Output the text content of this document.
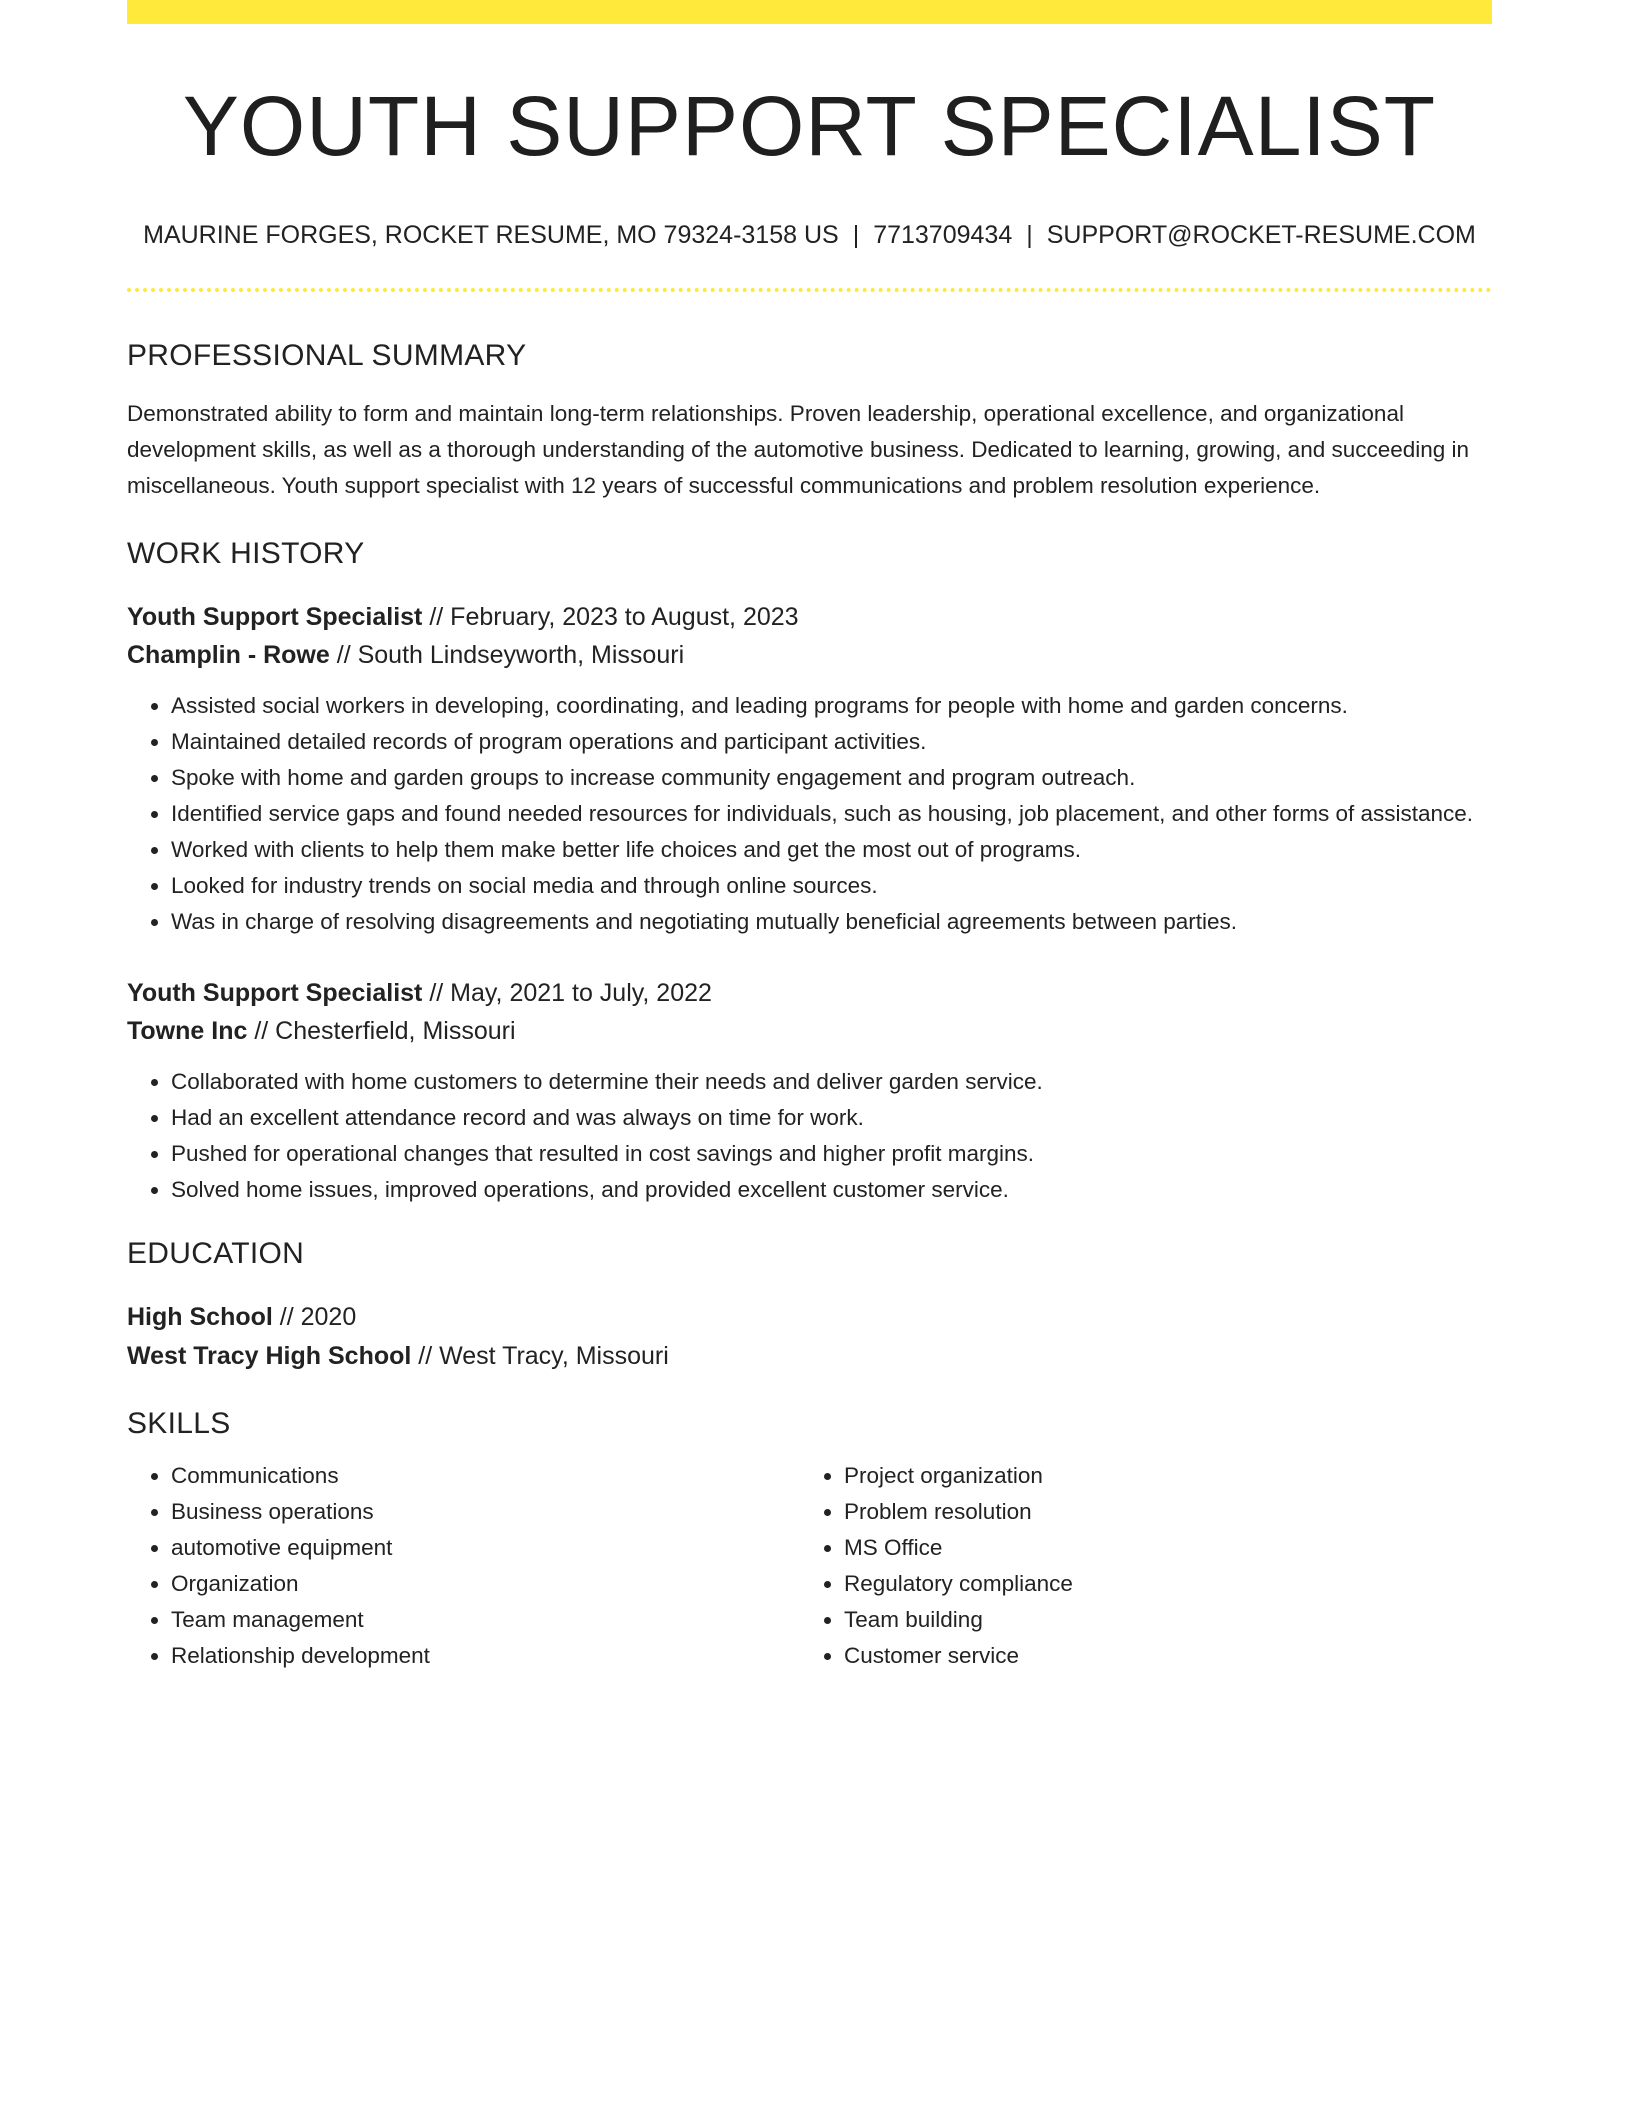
YOUTH SUPPORT SPECIALIST
MAURINE FORGES, ROCKET RESUME, MO 79324-3158 US | 7713709434 | SUPPORT@ROCKET-RESUME.COM
PROFESSIONAL SUMMARY

Demonstrated ability to form and maintain long-term relationships. Proven leadership, operational excellence, and organizational development skills, as well as a thorough understanding of the automotive business. Dedicated to learning, growing, and succeeding in miscellaneous. Youth support specialist with 12 years of successful communications and problem resolution experience.

WORK HISTORY
Youth Support Specialist // February, 2023 to August, 2023
Champlin - Rowe // South Lindseyworth, Missouri
• Assisted social workers in developing, coordinating, and leading programs for people with home and garden concerns.
• Maintained detailed records of program operations and participant activities.
• Spoke with home and garden groups to increase community engagement and program outreach.
• Identified service gaps and found needed resources for individuals, such as housing, job placement, and other forms of assistance.
• Worked with clients to help them make better life choices and get the most out of programs.
• Looked for industry trends on social media and through online sources.
• Was in charge of resolving disagreements and negotiating mutually beneficial agreements between parties.
Youth Support Specialist // May, 2021 to July, 2022
Towne Inc // Chesterfield, Missouri
• Collaborated with home customers to determine their needs and deliver garden service.
• Had an excellent attendance record and was always on time for work.
• Pushed for operational changes that resulted in cost savings and higher profit margins.
• Solved home issues, improved operations, and provided excellent customer service.
EDUCATION
High School // 2020
West Tracy High School // West Tracy, Missouri
SKILLS
• Communications
• Business operations
• automotive equipment
• Organization
• Team management
• Relationship development
• Project organization
• Problem resolution
• MS Office
• Regulatory compliance
• Team building
• Customer service
